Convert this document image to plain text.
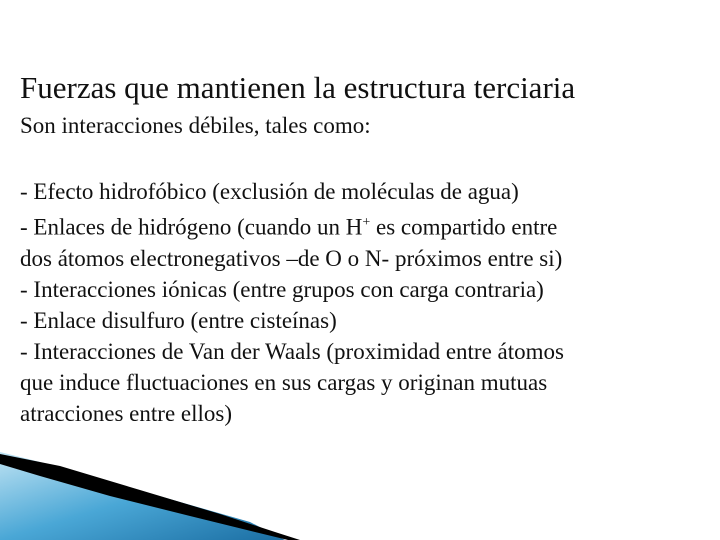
Fuerzas que mantienen la estructura terciaria

Son interacciones débiles, tales como:

- Efecto hidrofóbico (exclusión de moléculas de agua)
- Enlaces de hidrógeno (cuando un H+ es compartido entre
dos átomos electronegativos –de O o N- próximos entre si)
- Interacciones iónicas (entre grupos con carga contraria)
- Enlace disulfuro (entre cisteínas)
- Interacciones de Van der Waals (proximidad entre átomos
que induce fluctuaciones en sus cargas y originan mutuas
atracciones entre ellos)
